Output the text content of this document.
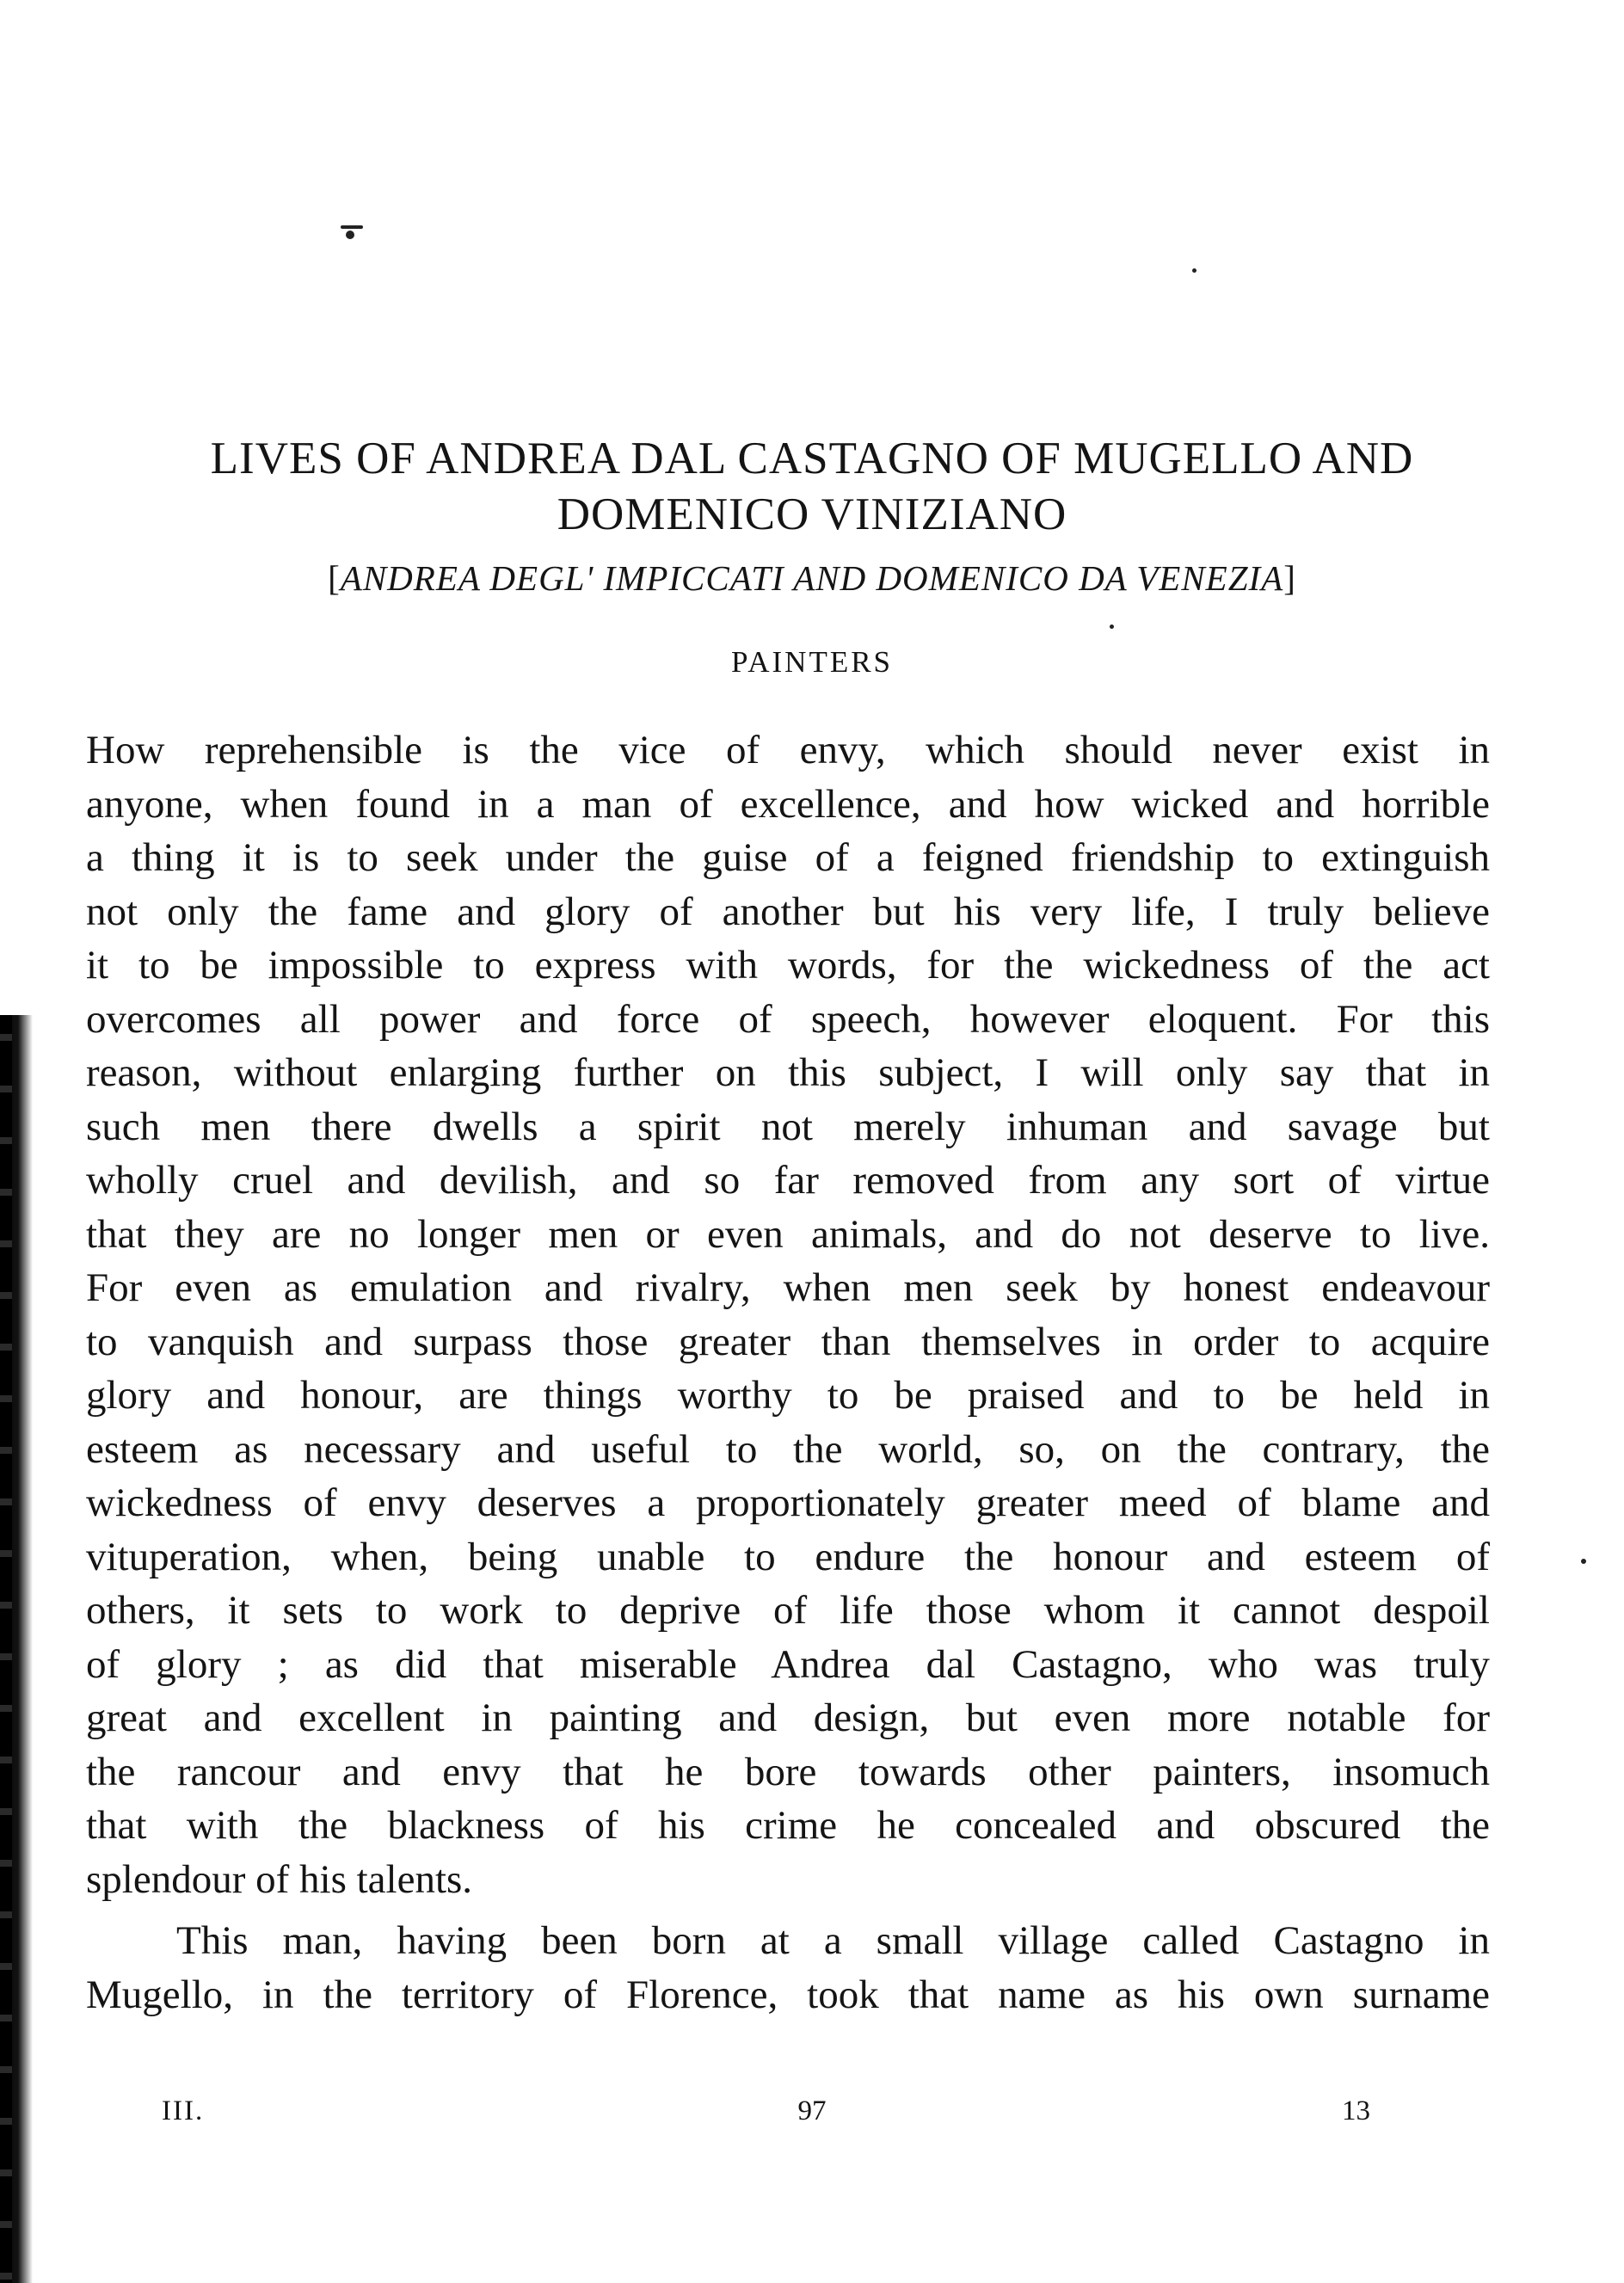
LIVES OF ANDREA DAL CASTAGNO OF MUGELLO AND
DOMENICO VINIZIANO

[ANDREA DEGL' IMPICCATI AND DOMENICO DA VENEZIA]

PAINTERS

How reprehensible is the vice of envy, which should never exist in
anyone, when found in a man of excellence, and how wicked and horrible
a thing it is to seek under the guise of a feigned friendship to extinguish
not only the fame and glory of another but his very life, I truly believe
it to be impossible to express with words, for the wickedness of the act
overcomes all power and force of speech, however eloquent. For this
reason, without enlarging further on this subject, I will only say that in
such men there dwells a spirit not merely inhuman and savage but
wholly cruel and devilish, and so far removed from any sort of virtue
that they are no longer men or even animals, and do not deserve to live.
For even as emulation and rivalry, when men seek by honest endeavour
to vanquish and surpass those greater than themselves in order to acquire
glory and honour, are things worthy to be praised and to be held in
esteem as necessary and useful to the world, so, on the contrary, the
wickedness of envy deserves a proportionately greater meed of blame and
vituperation, when, being unable to endure the honour and esteem of
others, it sets to work to deprive of life those whom it cannot despoil
of glory ; as did that miserable Andrea dal Castagno, who was truly
great and excellent in painting and design, but even more notable for
the rancour and envy that he bore towards other painters, insomuch
that with the blackness of his crime he concealed and obscured the
splendour of his talents.
This man, having been born at a small village called Castagno in
Mugello, in the territory of Florence, took that name as his own surname

III.	97	13
